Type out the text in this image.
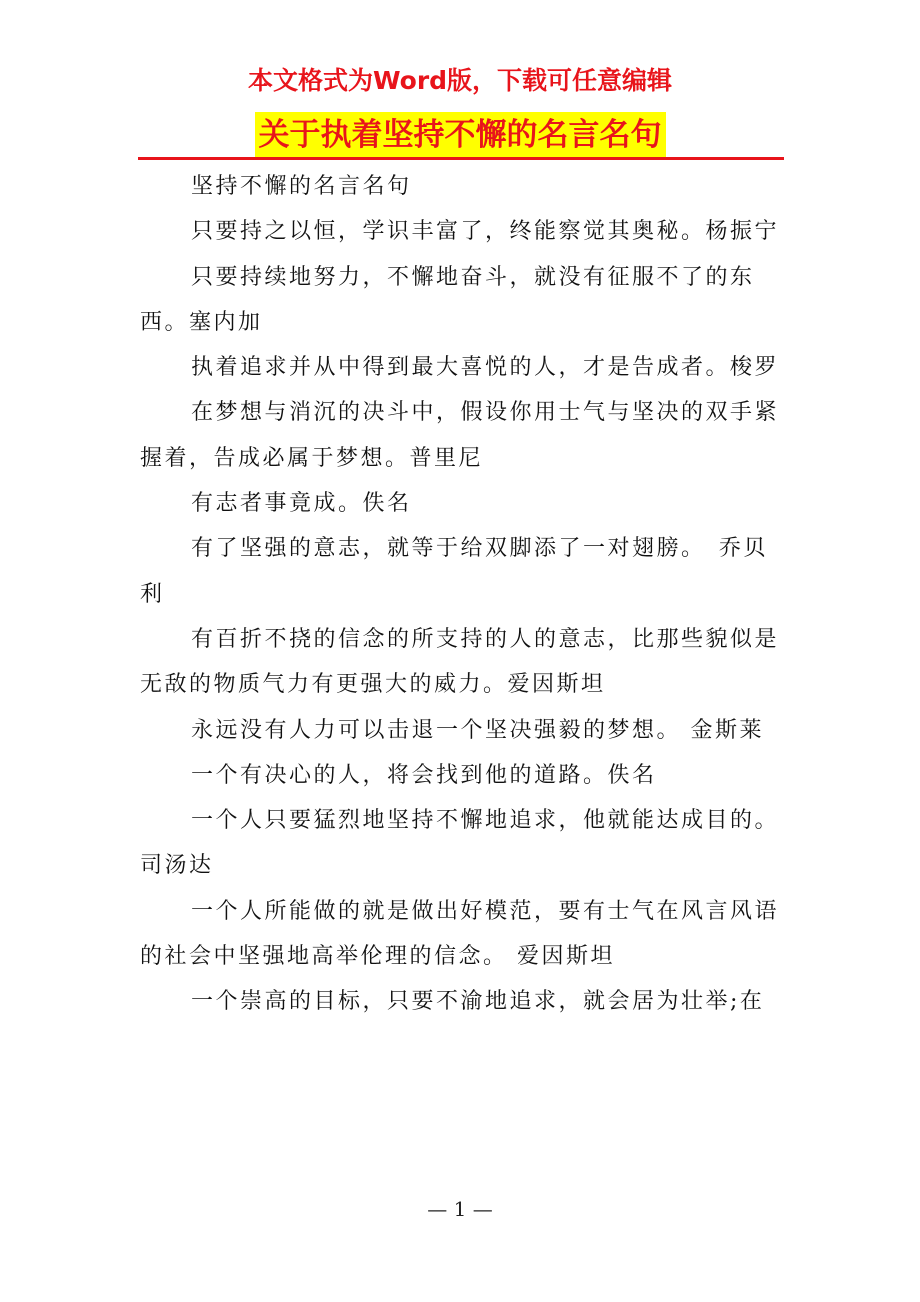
本文格式为Word版，下载可任意编辑
关于执着坚持不懈的名言名句

坚持不懈的名言名句

只要持之以恒，学识丰富了，终能察觉其奥秘。杨振宁

只要持续地努力，不懈地奋斗，就没有征服不了的东西。塞内加

执着追求并从中得到最大喜悦的人，才是告成者。梭罗

在梦想与消沉的决斗中，假设你用士气与坚决的双手紧握着，告成必属于梦想。普里尼

有志者事竟成。佚名

有了坚强的意志，就等于给双脚添了一对翅膀。　乔贝利

有百折不挠的信念的所支持的人的意志，比那些貌似是无敌的物质气力有更强大的威力。爱因斯坦

永远没有人力可以击退一个坚决强毅的梦想。 金斯莱

一个有决心的人，将会找到他的道路。佚名

一个人只要猛烈地坚持不懈地追求，他就能达成目的。司汤达

一个人所能做的就是做出好模范，要有士气在风言风语的社会中坚强地高举伦理的信念。 爱因斯坦

一个崇高的目标，只要不渝地追求，就会居为壮举;在

— 1 —
